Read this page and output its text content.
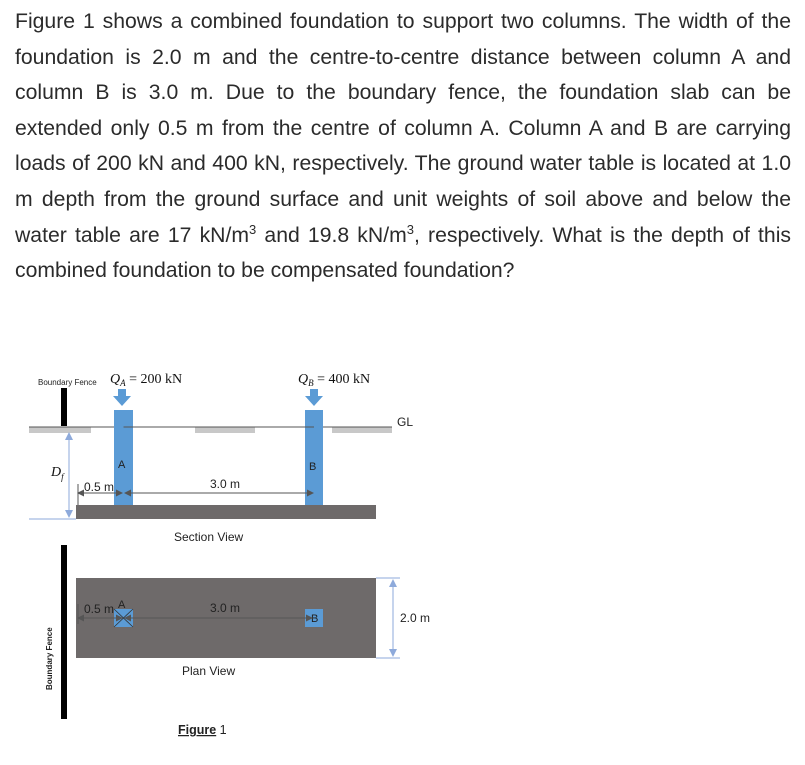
Figure 1 shows a combined foundation to support two columns. The width of the foundation is 2.0 m and the centre-to-centre distance between column A and column B is 3.0 m. Due to the boundary fence, the foundation slab can be extended only 0.5 m from the centre of column A. Column A and B are carrying loads of 200 kN and 400 kN, respectively. The ground water table is located at 1.0 m depth from the ground surface and unit weights of soil above and below the water table are 17 $kN/m^3$ and 19.8 $kN/m^3$, respectively. What is the depth of this combined foundation to be compensated foundation?

Boundary Fence
GL
$Q_A = 200$ kN	$Q_B = 400$ kN
A	B
$D_f$
0.5 m	3.0 m
Section View
Boundary Fence
A
B
0.5 m	3.0 m
2.0 m
Plan View
Figure 1
